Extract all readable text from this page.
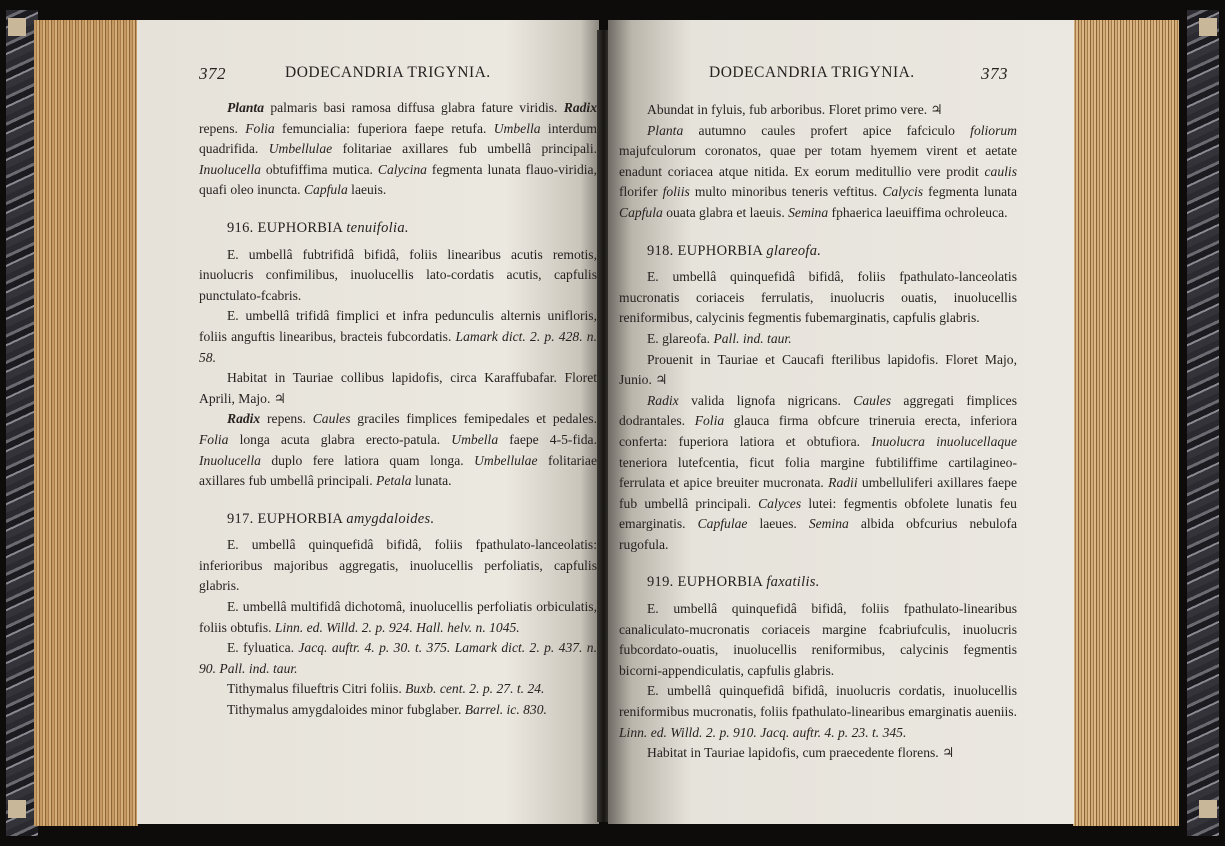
372	DODECANDRIA TRIGYNIA.

Planta palmaris basi ramosa diffusa glabra fature viridis. Radix repens. Folia femuncialia: fuperiora faepe retufa. Umbella interdum quadrifida. Umbellulae folitariae axillares fub umbellâ principali. Inuolucella obtufiffima mutica. Calycina fegmenta lunata flauo-viridia, quafi oleo inuncta. Capfula laeuis.

916. EUPHORBIA tenuifolia.

E. umbellâ fubtrifidâ bifidâ, foliis linearibus acutis remotis, inuolucris confimilibus, inuolucellis lato-cordatis acutis, capfulis punctulato-fcabris.

E. umbellâ trifidâ fimplici et infra pedunculis alternis unifloris, foliis anguftis linearibus, bracteis fubcordatis. Lamark dict. 2. p. 428. n. 58.

Habitat in Tauriae collibus lapidofis, circa Karaffubafar. Floret Aprili, Majo. ♃

Radix repens. Caules graciles fimplices femipedales et pedales. Folia longa acuta glabra erecto-patula. Umbella faepe 4-5-fida. Inuolucella duplo fere latiora quam longa. Umbellulae folitariae axillares fub umbellâ principali. Petala lunata.

917. EUPHORBIA amygdaloides.

E. umbellâ quinquefidâ bifidâ, foliis fpathulato-lanceolatis: inferioribus majoribus aggregatis, inuolucellis perfoliatis, capfulis glabris.

E. umbellâ multifidâ dichotomâ, inuolucellis perfoliatis orbiculatis, foliis obtufis. Linn. ed. Willd. 2. p. 924. Hall. helv. n. 1045.

E. fyluatica. Jacq. auftr. 4. p. 30. t. 375. Lamark dict. 2. p. 437. n. 90. Pall. ind. taur.

Tithymalus filueftris Citri foliis. Buxb. cent. 2. p. 27. t. 24.

Tithymalus amygdaloides minor fubglaber. Barrel. ic. 830.

DODECANDRIA TRIGYNIA.	373

Abundat in fyluis, fub arboribus. Floret primo vere. ♃

Planta autumno caules profert apice fafciculo foliorum majufculorum coronatos, quae per totam hyemem virent et aetate enadunt coriacea atque nitida. Ex eorum meditullio vere prodit caulis florifer foliis multo minoribus teneris veftitus. Calycis fegmenta lunata Capfula ouata glabra et laeuis. Semina fphaerica laeuiffima ochroleuca.

918. EUPHORBIA glareofa.

E. umbellâ quinquefidâ bifidâ, foliis fpathulato-lanceolatis mucronatis coriaceis ferrulatis, inuolucris ouatis, inuolucellis reniformibus, calycinis fegmentis fubemarginatis, capfulis glabris.

E. glareofa. Pall. ind. taur.

Prouenit in Tauriae et Caucafi fterilibus lapidofis. Floret Majo, Junio. ♃

Radix valida lignofa nigricans. Caules aggregati fimplices dodrantales. Folia glauca firma obfcure trineruia erecta, inferiora conferta: fuperiora latiora et obtufiora. Inuolucra inuolucellaque teneriora lutefcentia, ficut folia margine fubtiliffime cartilagineo-ferrulata et apice breuiter mucronata. Radii umbelluliferi axillares faepe fub umbellâ principali. Calyces lutei: fegmentis obfolete lunatis feu emarginatis. Capfulae laeues. Semina albida obfcurius nebulofa rugofula.

919. EUPHORBIA faxatilis.

E. umbellâ quinquefidâ bifidâ, foliis fpathulato-linearibus canaliculato-mucronatis coriaceis margine fcabriufculis, inuolucris fubcordato-ouatis, inuolucellis reniformibus, calycinis fegmentis bicorni-appendiculatis, capfulis glabris.

E. umbellâ quinquefidâ bifidâ, inuolucris cordatis, inuolucellis reniformibus mucronatis, foliis fpathulato-linearibus emarginatis aueniis. Linn. ed. Willd. 2. p. 910. Jacq. auftr. 4. p. 23. t. 345.

Habitat in Tauriae lapidofis, cum praecedente florens. ♃
